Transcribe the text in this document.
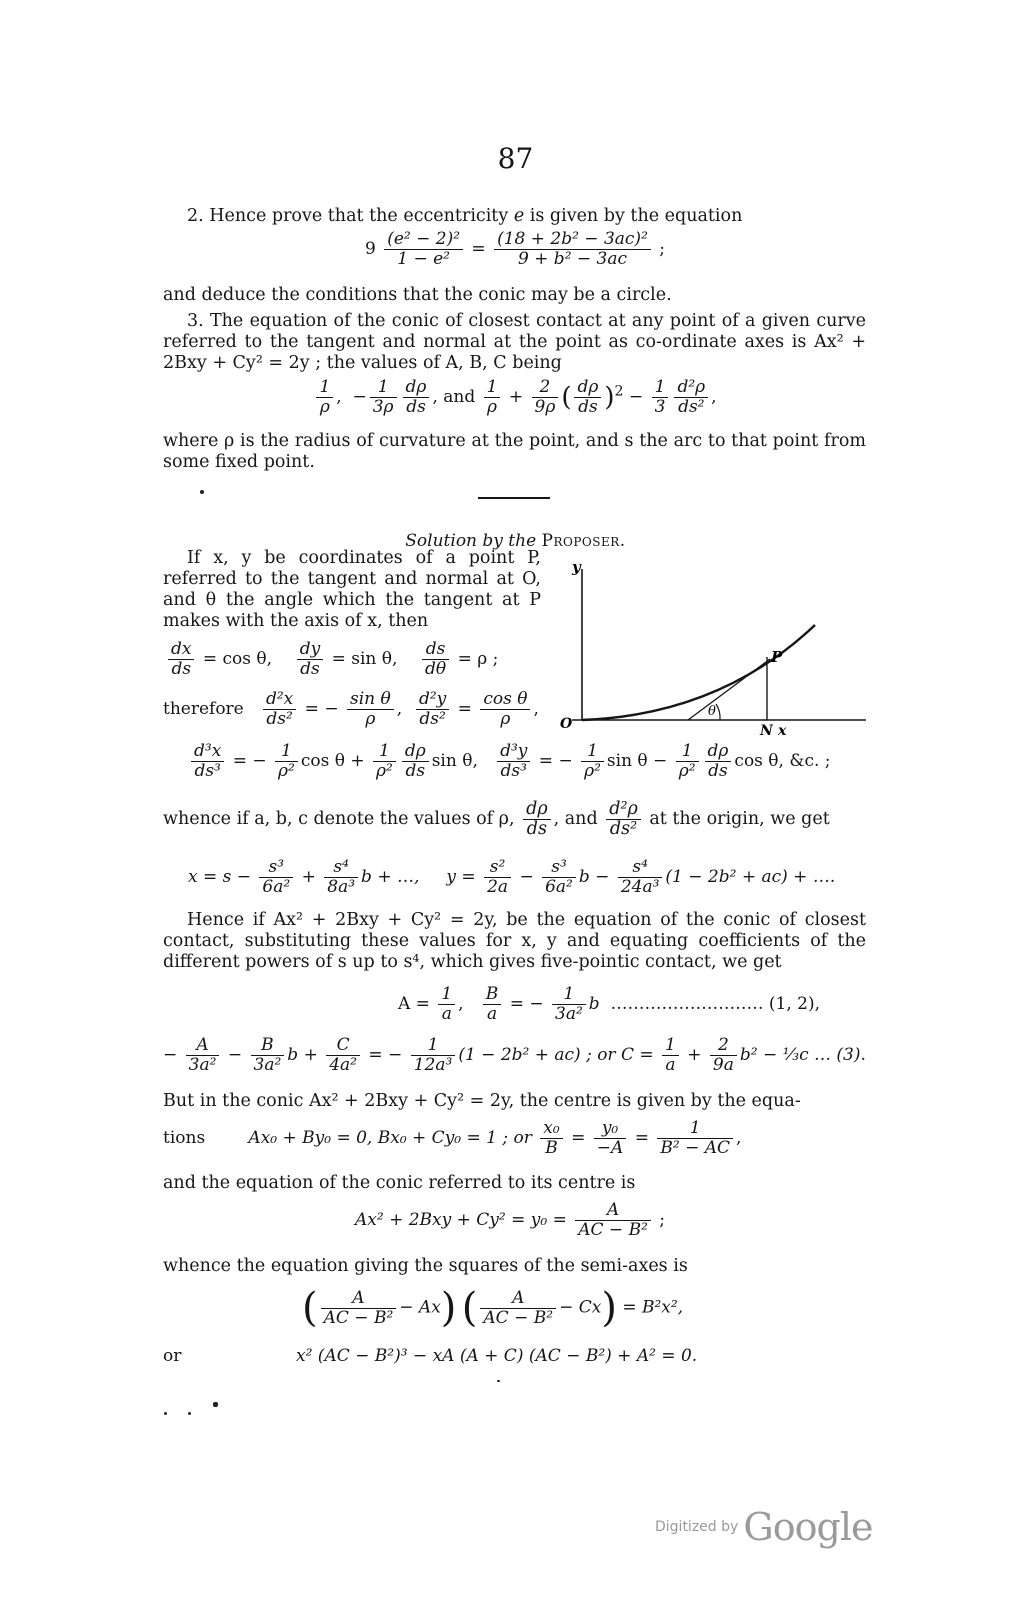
87
2. Hence prove that the eccentricity e is given by the equation
$9 \frac{\text{(e² − 2)²}}{\text{1 − e²}} = \frac{\text{(18 + 2b² − 3ac)²}}{\text{9 + b² − 3ac}}$ ;
and deduce the conditions that the conic may be a circle.
3. The equation of the conic of closest contact at any point of a given curve referred to the tangent and normal at the point as co-ordinate axes is Ax² + 2Bxy + Cy² = 2y ; the values of A, B, C being
$\frac{1}{\rho}$ ,  − $\frac{1}{3\rho} \frac{d\rho}{ds}$ , and $\frac{1}{\rho} + \frac{2}{9\rho}$ ( $\frac{d\rho}{ds} )^2 - \frac{1}{3} \frac{\text{d²ρ}}{\text{ds²}}$ ,
where ρ is the radius of curvature at the point, and s the arc to that point from some fixed point.
Solution by the Proposer.
If x, y be coordinates of a point P, referred to the tangent and normal at O, and θ the angle which the tangent at P makes with the axis of x, then
$\frac{dx}{ds} = \cos \theta$, $\frac{dy}{ds} = \sin \theta$, $\frac{ds}{d\theta} = \rho$ ;
therefore $\frac{\text{d²x}}{\text{ds²}}$ = − $\frac{\text{sin θ}}{\rho}$ , $\frac{\text{d²y}}{\text{ds²}} = \frac{\text{cos θ}}{\rho}$ ,
y
O
P
N x
θ
$\frac{\text{d³x}}{\text{ds³}}$ = − $\frac{1}{\text{ρ²}}$ $\cos \theta + \frac{1}{\text{ρ²}} \frac{d\rho}{ds}$ sin θ, $\frac{\text{d³y}}{\text{ds³}}$ = − $\frac{1}{\text{ρ²}}$ $\sin \theta - \frac{1}{\text{ρ²}} \frac{d\rho}{ds}$ cos θ, &c. ;
whence if a, b, c denote the values of ρ, $\frac{d\rho}{ds}$ , and $\frac{\text{d²ρ}}{\text{ds²}}$ at the origin, we get
$x = s - \frac{\text{s³}}{\text{6a²}} + \frac{\text{s⁴}}{\text{8a³}}$ b + …, $y = \frac{\text{s²}}{2a} - \frac{\text{s³}}{\text{6a²}}$ $b - \frac{\text{s⁴}}{\text{24a³}} (1 - 2b^2 + ac)$ + ….
Hence if Ax² + 2Bxy + Cy² = 2y, be the equation of the conic of closest contact, substituting these values for x, y and equating coefficients of the different powers of s up to s⁴, which gives five-pointic contact, we get
$A = \frac{1}{a}$ , $\frac{B}{a}$ = − $\frac{1}{\text{3a²}}$ b ……………………… (1, 2),
− $\frac{A}{\text{3a²}} - \frac{B}{\text{3a²}}$ $b + \frac{C}{\text{4a²}}$ = − $\frac{1}{\text{12a³}} (1 - 2b^2 + ac)$ ; or $C = \frac{1}{a} + \frac{2}{9a} b^2$ − ⅓c … (3).
But in the conic Ax² + 2Bxy + Cy² = 2y, the centre is given by the equa-
tions	Ax₀ + By₀ = 0, Bx₀ + Cy₀ = 1 ; or $\frac{\text{x₀}}{B} = \frac{\text{y₀}}{-A} = \frac{1}{\text{B² − AC}}$ ,
and the equation of the conic referred to its centre is
$Ax^2 + 2Bxy + Cy^2 = y_0 = \frac{A}{\text{AC − B²}}$ ;
whence the equation giving the squares of the semi-axes is
( $\frac{A}{\text{AC − B²}} - Ax$) ( $\frac{A}{\text{AC − B²}} - Cx) = B^2x^2$,
or	x² (AC − B²)³ − xA (A + C) (AC − B²) + A² = 0.
Digitized by Google
